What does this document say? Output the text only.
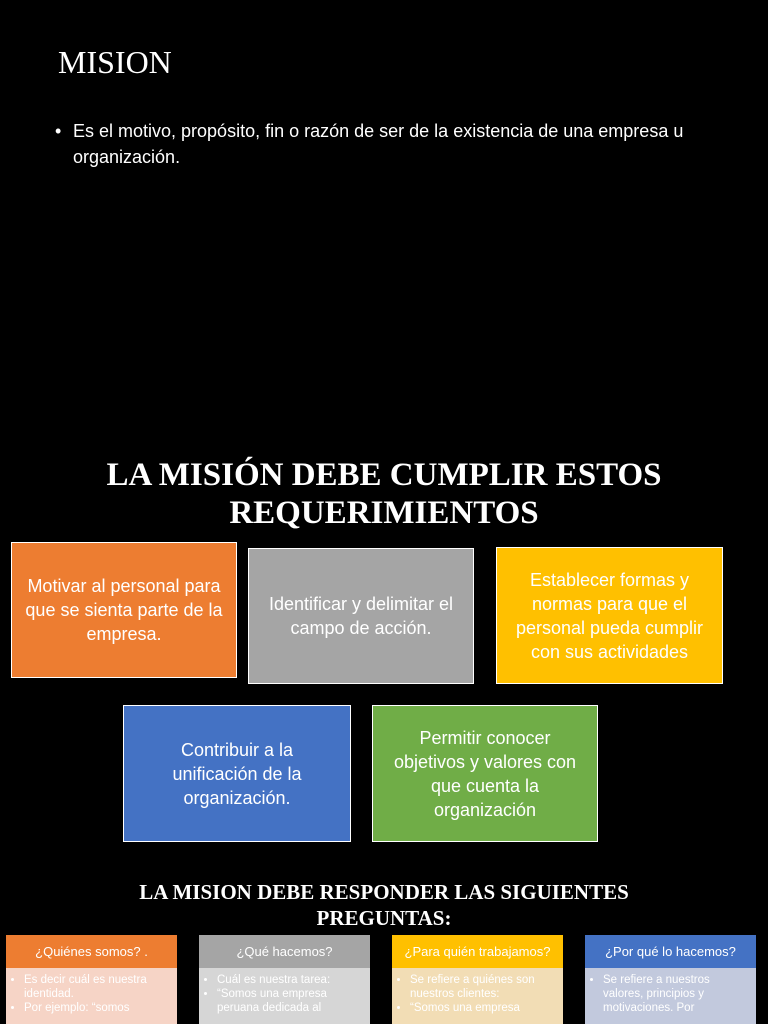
MISION
• Es el motivo, propósito, fin o razón de ser de la existencia de una empresa u organización.
LA MISIÓN DEBE CUMPLIR ESTOS
REQUERIMIENTOS
Motivar al personal para que se sienta parte de la empresa.
Identificar y delimitar el campo de acción.
Establecer formas y normas para que el personal pueda cumplir con sus actividades
Contribuir a la unificación de la organización.
Permitir conocer objetivos y valores con que cuenta la organización
LA MISION DEBE RESPONDER LAS SIGUIENTES
PREGUNTAS:
¿Quiénes somos? .
• Es decir cuál es nuestra identidad.
• Por ejemplo: “somos
¿Qué hacemos?
• Cuál es nuestra tarea:
• “Somos una empresa peruana dedicada al
¿Para quién trabajamos?
• Se refiere a quiénes son nuestros clientes:
• “Somos una empresa
¿Por qué lo hacemos?
• Se refiere a nuestros valores, principios y motivaciones. Por
